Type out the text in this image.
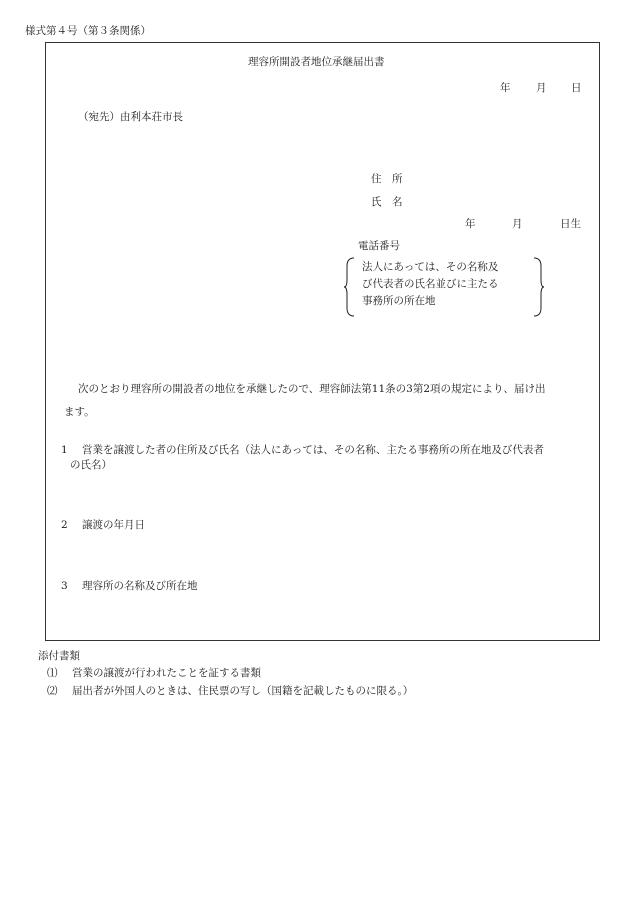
様式第４号（第３条関係）
理容所開設者地位承継届出書
年 月 日
（宛先）由利本荘市長
住　所
氏　名
年	月	日生
電話番号
法人にあっては、その名称及
び代表者の氏名並びに主たる
事務所の所在地
次のとおり理容所の開設者の地位を承継したので、理容師法第11条の3第2項の規定により、届け出
ます。
1 営業を譲渡した者の住所及び氏名（法人にあっては、その名称、主たる事務所の所在地及び代表者
の氏名）
2 譲渡の年月日
3 理容所の名称及び所在地
添付書類
⑴ 営業の譲渡が行われたことを証する書類
⑵ 届出者が外国人のときは、住民票の写し（国籍を記載したものに限る。）
